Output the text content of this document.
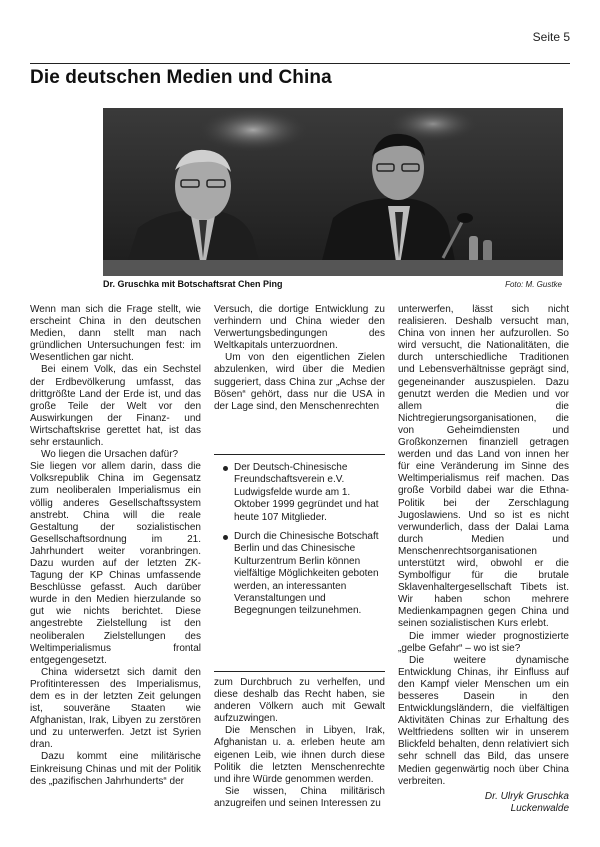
Seite 5
Die deutschen Medien und China
Dr. Gruschka mit Botschaftsrat Chen Ping	Foto: M. Gustke

Wenn man sich die Frage stellt, wie erscheint China in den deutschen Medien, dann stellt man nach gründlichen Untersuchungen fest: im Wesentlichen gar nicht.

Bei einem Volk, das ein Sechstel der Erdbevölkerung umfasst, das drittgrößte Land der Erde ist, und das große Teile der Welt vor den Auswirkungen der Finanz- und Wirtschaftskrise gerettet hat, ist das sehr erstaunlich.

Wo liegen die Ursachen dafür?

Sie liegen vor allem darin, dass die Volksrepublik China im Gegensatz zum neoliberalen Imperialismus ein völlig anderes Gesellschaftssystem anstrebt. China will die reale Gestaltung der sozialistischen Gesellschaftsordnung im 21. Jahrhundert weiter voranbringen. Dazu wurden auf der letzten ZK-Tagung der KP Chinas umfassende Beschlüsse gefasst. Auch darüber wurde in den Medien hierzulande so gut wie nichts berichtet. Diese angestrebte Zielstellung ist den neoliberalen Zielstellungen des Weltimperialismus frontal entgegengesetzt.

China widersetzt sich damit den Profitinteressen des Imperialismus, dem es in der letzten Zeit gelungen ist, souveräne Staaten wie Afghanistan, Irak, Libyen zu zerstören und zu unterwerfen. Jetzt ist Syrien dran.

Dazu kommt eine militärische Einkreisung Chinas und mit der Politik des „pazifischen Jahrhunderts“ der

Versuch, die dortige Entwicklung zu verhindern und China wieder den Verwertungsbedingungen des Weltkapitals unterzuordnen.

Um von den eigentlichen Zielen abzulenken, wird über die Medien suggeriert, dass China zur „Achse der Bösen“ gehört, dass nur die USA in der Lage sind, den Menschenrechten

Der Deutsch-Chinesische Freundschaftsverein e.V. Ludwigsfelde wurde am 1. Oktober 1999 gegründet und hat heute 107 Mitglieder.
Durch die Chinesische Botschaft Berlin und das Chinesische Kulturzentrum Berlin können vielfältige Möglichkeiten geboten werden, an interessanten Veranstaltungen und Begegnungen teilzunehmen.

zum Durchbruch zu verhelfen, und diese deshalb das Recht haben, sie anderen Völkern auch mit Gewalt aufzuzwingen.

Die Menschen in Libyen, Irak, Afghanistan u. a. erleben heute am eigenen Leib, wie ihnen durch diese Politik die letzten Menschenrechte und ihre Würde genommen werden.

Sie wissen, China militärisch anzugreifen und seinen Interessen zu

unterwerfen, lässt sich nicht realisieren. Deshalb versucht man, China von innen her aufzurollen. So wird versucht, die Nationalitäten, die durch unterschiedliche Traditionen und Lebensverhältnisse geprägt sind, gegeneinander auszuspielen. Dazu genutzt werden die Medien und vor allem die Nichtregierungsorganisationen, die von Geheimdiensten und Großkonzernen finanziell getragen werden und das Land von innen her für eine Veränderung im Sinne des Weltimperialismus reif machen. Das große Vorbild dabei war die Ethna-Politik bei der Zerschlagung Jugoslawiens. Und so ist es nicht verwunderlich, dass der Dalai Lama durch Medien und Menschenrechtsorganisationen unterstützt wird, obwohl er die Symbolfigur für die brutale Sklavenhaltergesellschaft Tibets ist. Wir haben schon mehrere Medienkampagnen gegen China und seinen sozialistischen Kurs erlebt.

Die immer wieder prognostizierte „gelbe Gefahr“ – wo ist sie?

Die weitere dynamische Entwicklung Chinas, ihr Einfluss auf den Kampf vieler Menschen um ein besseres Dasein in den Entwicklungsländern, die vielfältigen Aktivitäten Chinas zur Erhaltung des Weltfriedens sollten wir in unserem Blickfeld behalten, denn relativiert sich sehr schnell das Bild, das unsere Medien gegenwärtig noch über China verbreiten.

Dr. Ulryk Gruschka
Luckenwalde
